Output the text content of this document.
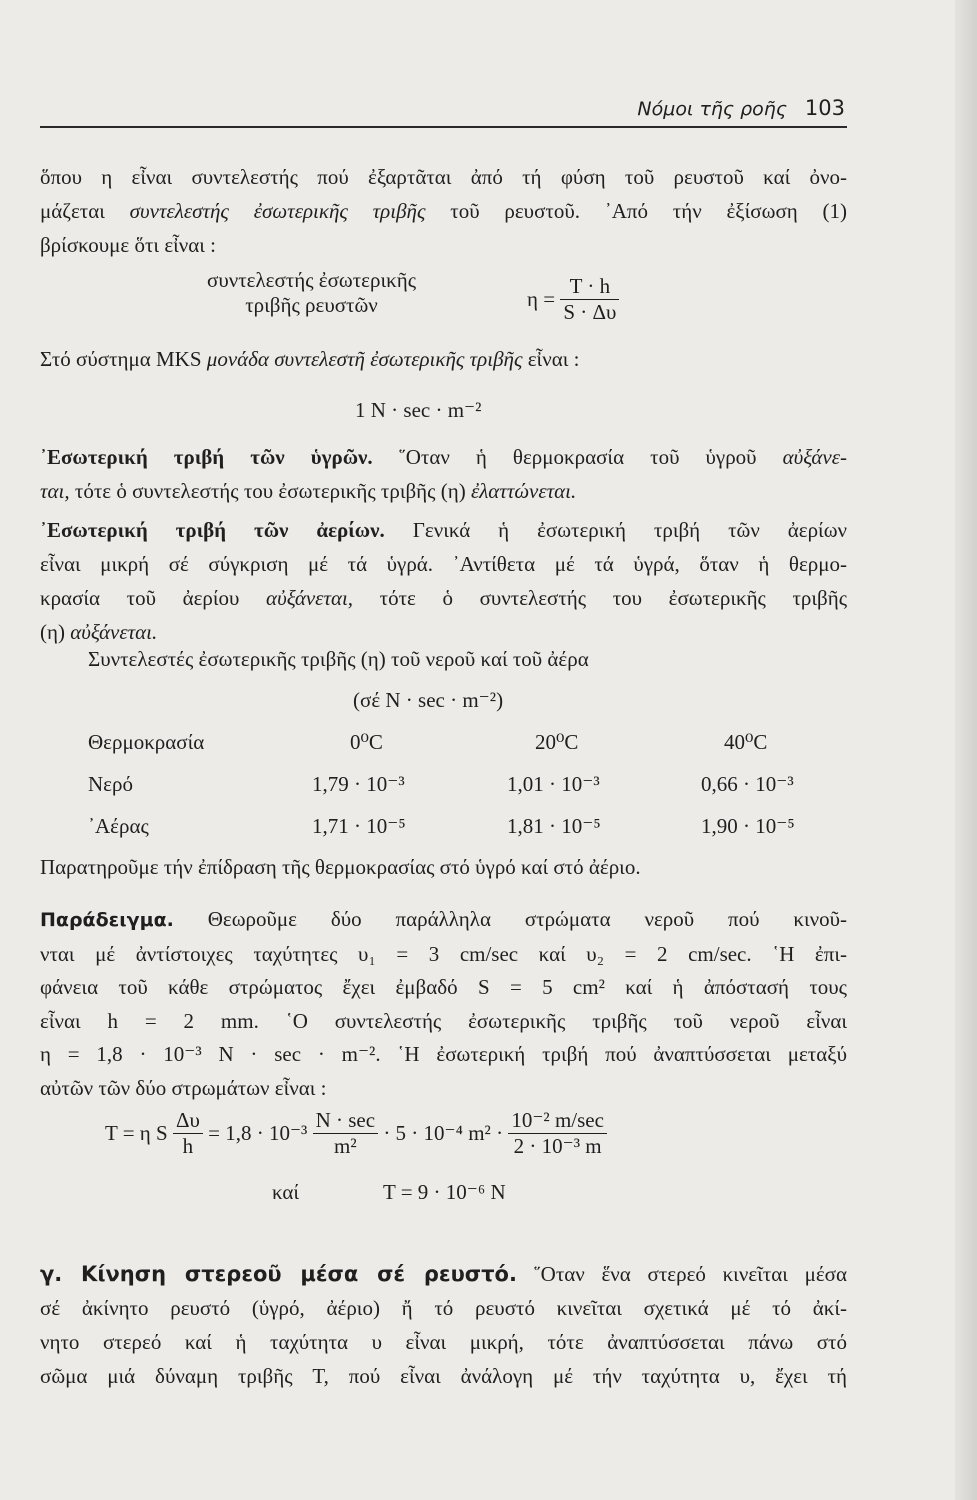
Νόμοι τῆς ροῆς 103
ὅπου η εἶναι συντελεστής πού ἐξαρτᾶται ἀπό τή φύση τοῦ ρευστοῦ καί ὀνο-
μάζεται συντελεστής ἐσωτερικῆς τριβῆς τοῦ ρευστοῦ. ᾿Από τήν ἐξίσωση (1)
βρίσκουμε ὅτι εἶναι :
συντελεστής ἐσωτερικῆς
τριβῆς ρευστῶν	$\eta = \frac{T \cdot h}{S \cdot \Delta\upsilon}$
Στό σύστημα MKS μονάδα συντελεστῆ ἐσωτερικῆς τριβῆς εἶναι :
1 N · sec · m⁻²
᾿Εσωτερική τριβή τῶν ὑγρῶν. ῞Οταν ἡ θερμοκρασία τοῦ ὑγροῦ αὐξάνε-
ται, τότε ὁ συντελεστής του ἐσωτερικῆς τριβῆς (η) ἐλαττώνεται.
᾿Εσωτερική τριβή τῶν ἀερίων. Γενικά ἡ ἐσωτερική τριβή τῶν ἀερίων
εἶναι μικρή σέ σύγκριση μέ τά ὑγρά. ᾿Αντίθετα μέ τά ὑγρά, ὅταν ἡ θερμο-
κρασία τοῦ ἀερίου αὐξάνεται, τότε ὁ συντελεστής του ἐσωτερικῆς τριβῆς
(η) αὐξάνεται.
Συντελεστές ἐσωτερικῆς τριβῆς (η) τοῦ νεροῦ καί τοῦ ἀέρα
(σέ N · sec · m⁻²)
Θερμοκρασία	0⁰C	20⁰C	40⁰C
Νερό	1,79 · 10⁻³	1,01 · 10⁻³	0,66 · 10⁻³
᾿Αέρας	1,71 · 10⁻⁵	1,81 · 10⁻⁵	1,90 · 10⁻⁵
Παρατηροῦμε τήν ἐπίδραση τῆς θερμοκρασίας στό ὑγρό καί στό ἀέριο.
Παράδειγμα. Θεωροῦμε δύο παράλληλα στρώματα νεροῦ πού κινοῦ-
νται μέ ἀντίστοιχες ταχύτητες υ₁ = 3 cm/sec καί υ₂ = 2 cm/sec. ῾Η ἐπι-
φάνεια τοῦ κάθε στρώματος ἔχει ἐμβαδό S = 5 cm² καί ἡ ἀπόστασή τους
εἶναι h = 2 mm. ῾Ο συντελεστής ἐσωτερικῆς τριβῆς τοῦ νεροῦ εἶναι
η = 1,8 · 10⁻³ N · sec · m⁻². ῾Η ἐσωτερική τριβή πού ἀναπτύσσεται μεταξύ
αὐτῶν τῶν δύο στρωμάτων εἶναι :
T = η S $\frac{\Delta\upsilon}{h} = 1,8 \cdot 10^{-3} \frac{N \cdot \sec}{\text{m²}} \cdot 5 \cdot 10^{-4}$ $m^2 \cdot \frac{\text{10⁻² m/sec}}{\text{2 · 10⁻³ m}}$
καί	T = 9 · 10⁻⁶ N
γ. Κίνηση στερεοῦ μέσα σέ ρευστό. ῞Οταν ἕνα στερεό κινεῖται μέσα
σέ ἀκίνητο ρευστό (ὑγρό, ἀέριο) ἤ τό ρευστό κινεῖται σχετικά μέ τό ἀκί-
νητο στερεό καί ἡ ταχύτητα υ εἶναι μικρή, τότε ἀναπτύσσεται πάνω στό
σῶμα μιά δύναμη τριβῆς T, πού εἶναι ἀνάλογη μέ τήν ταχύτητα υ, ἔχει τή
